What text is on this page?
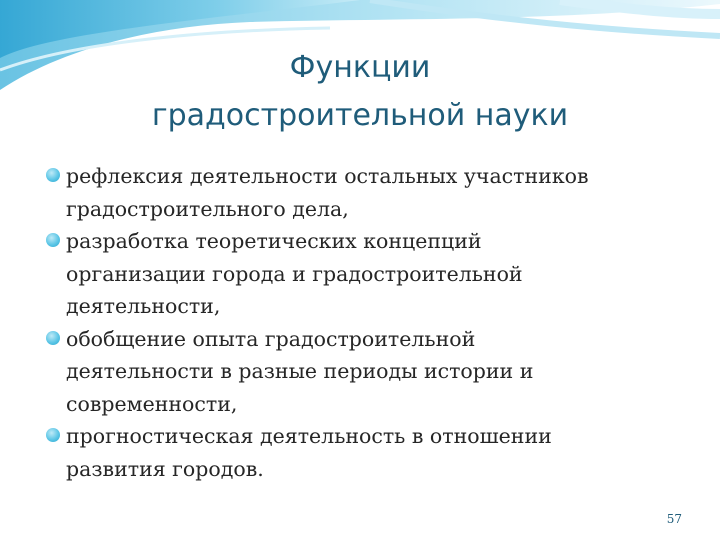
Функции
градостроительной науки
рефлексия деятельности остальных участников
градостроительного дела,
разработка теоретических концепций
организации города и градостроительной
деятельности,
обобщение опыта градостроительной
деятельности в разные периоды истории и
современности,
прогностическая деятельность в отношении
развития городов.
57
